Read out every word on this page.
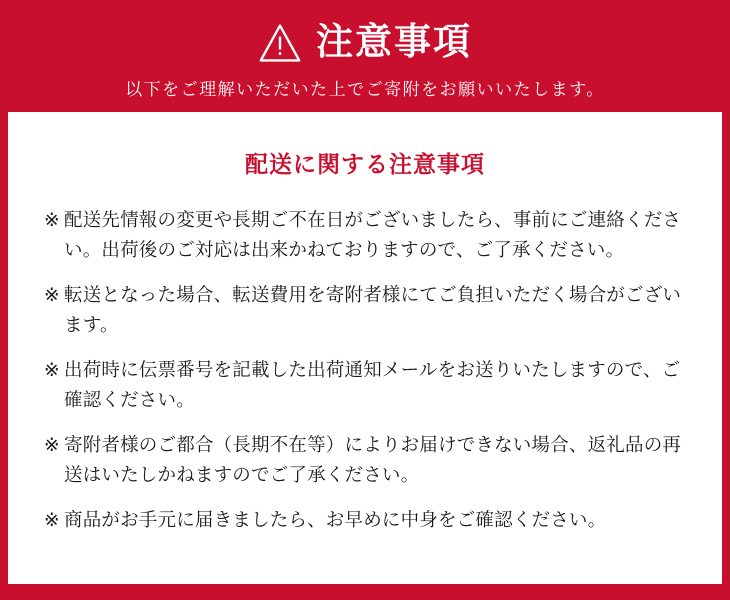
注意事項
以下をご理解いただいた上でご寄附をお願いいたします。
配送に関する注意事項
※ 配送先情報の変更や長期ご不在日がございましたら、事前にご連絡ください。出荷後のご対応は出来かねておりますので、ご了承ください。
※ 転送となった場合、転送費用を寄附者様にてご負担いただく場合がございます。
※ 出荷時に伝票番号を記載した出荷通知メールをお送りいたしますので、ご確認ください。
※ 寄附者様のご都合（長期不在等）によりお届けできない場合、返礼品の再送はいたしかねますのでご了承ください。
※ 商品がお手元に届きましたら、お早めに中身をご確認ください。
